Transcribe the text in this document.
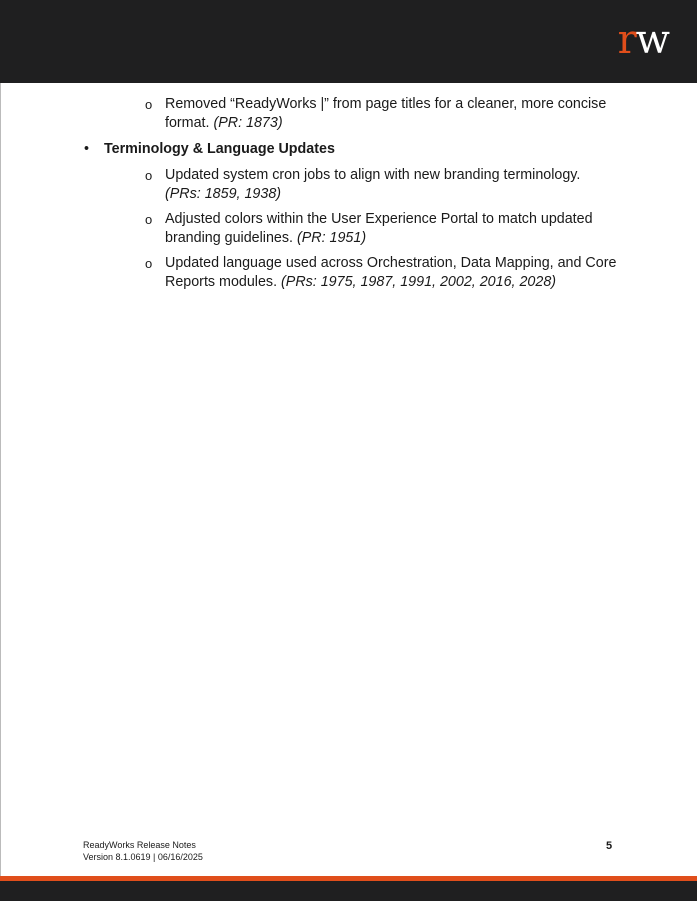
rw
o Removed “ReadyWorks |” from page titles for a cleaner, more concise format. (PR: 1873)
• Terminology & Language Updates
o Updated system cron jobs to align with new branding terminology. (PRs: 1859, 1938)
o Adjusted colors within the User Experience Portal to match updated branding guidelines. (PR: 1951)
o Updated language used across Orchestration, Data Mapping, and Core Reports modules. (PRs: 1975, 1987, 1991, 2002, 2016, 2028)
ReadyWorks Release Notes
Version 8.1.0619 | 06/16/2025
5
